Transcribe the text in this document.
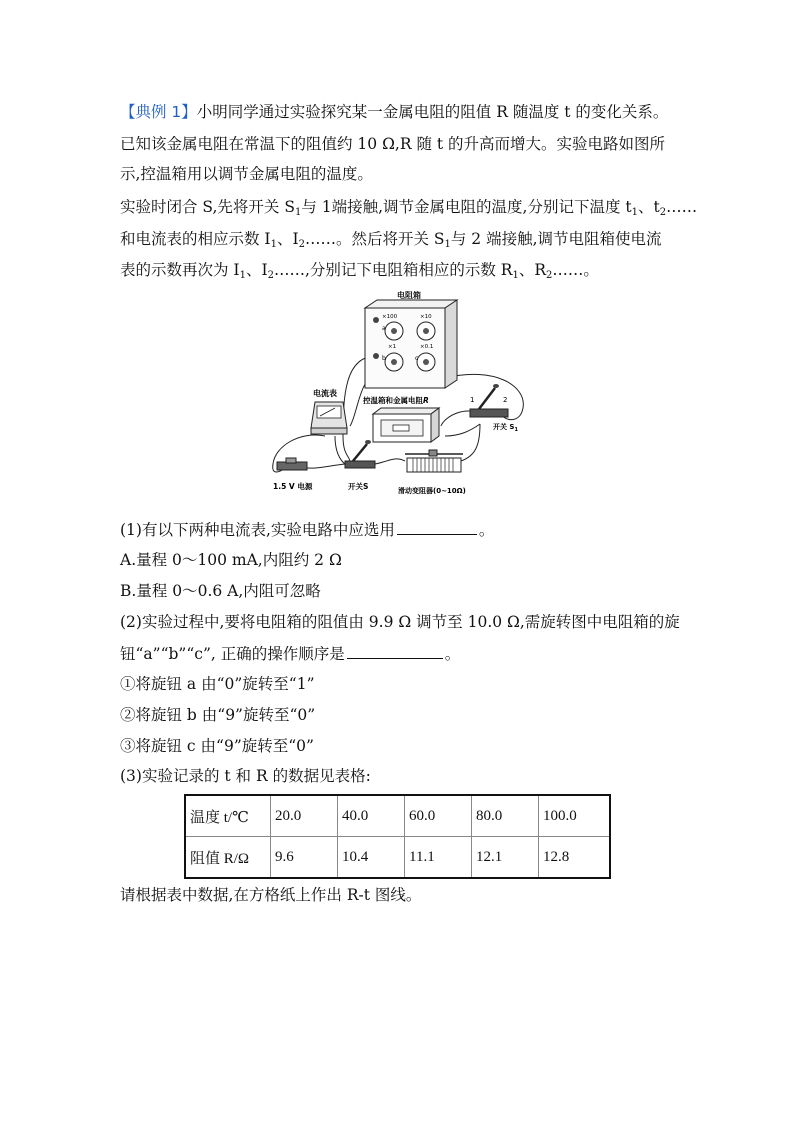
【典例 1】小明同学通过实验探究某一金属电阻的阻值 R 随温度 t 的变化关系。
已知该金属电阻在常温下的阻值约 10 Ω,R 随 t 的升高而增大。实验电路如图所
示,控温箱用以调节金属电阻的温度。
实验时闭合 S,先将开关 $S_1$与 1端接触,调节金属电阻的温度,分别记下温度 $t_1$、$t_2\dots\dots$
和电流表的相应示数 $I_1$、$I_2\dots\dots$。然后将开关 $S_1$与 2 端接触,调节电阻箱使电流
表的示数再次为 $I_1$、$I_2\dots\dots$,分别记下电阻箱相应的示数 $R_1$、$R_2\dots\dots$。
电阻箱
×100	×10
×1	×0.1
a
b	c
电流表
控温箱和金属电阻R	1	2
开关 $S_1$
1.5 V 电源	开关S	滑动变阻器(0~10Ω)
(1)有以下两种电流表,实验电路中应选用	。
A.量程 0～100 mA,内阻约 2 Ω
B.量程 0～0.6 A,内阻可忽略
(2)实验过程中,要将电阻箱的阻值由 9.9 Ω 调节至 10.0 Ω,需旋转图中电阻箱的旋
钮“a”“b”“c”, 正确的操作顺序是	。
①将旋钮 a 由“0”旋转至“1”
②将旋钮 b 由“9”旋转至“0”
③将旋钮 c 由“9”旋转至“0”
(3)实验记录的 t 和 R 的数据见表格:
温度 t/℃	20.0	40.0	60.0	80.0	100.0
阻值 R/Ω	9.6	10.4	11.1	12.1	12.8
请根据表中数据,在方格纸上作出 R-t 图线。
